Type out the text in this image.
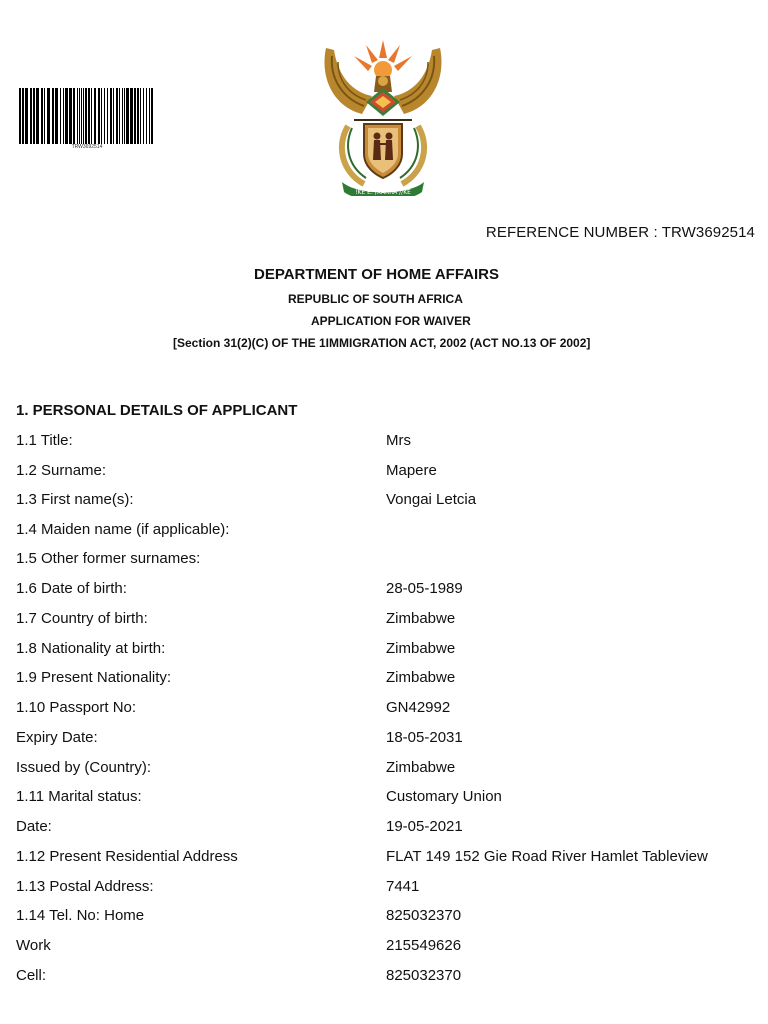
TRW3692514
!KE E: /XARRA //KE
REFERENCE NUMBER : TRW3692514
DEPARTMENT OF HOME AFFAIRS
REPUBLIC OF SOUTH AFRICA
APPLICATION FOR WAIVER
[Section 31(2)(C) OF THE 1IMMIGRATION ACT, 2002 (ACT NO.13 OF 2002]
1. PERSONAL DETAILS OF APPLICANT
1.1 Title:	Mrs
1.2 Surname:	Mapere
1.3 First name(s):	Vongai Letcia
1.4 Maiden name (if applicable):
1.5 Other former surnames:
1.6 Date of birth:	28-05-1989
1.7 Country of birth:	Zimbabwe
1.8 Nationality at birth:	Zimbabwe
1.9 Present Nationality:	Zimbabwe
1.10 Passport No:	GN42992
Expiry Date:	18-05-2031
Issued by (Country):	Zimbabwe
1.11 Marital status:	Customary Union
Date:	19-05-2021
1.12 Present Residential Address	FLAT 149 152 Gie Road River Hamlet Tableview
1.13 Postal Address:	7441
1.14 Tel. No: Home	825032370
Work	215549626
Cell:	825032370
